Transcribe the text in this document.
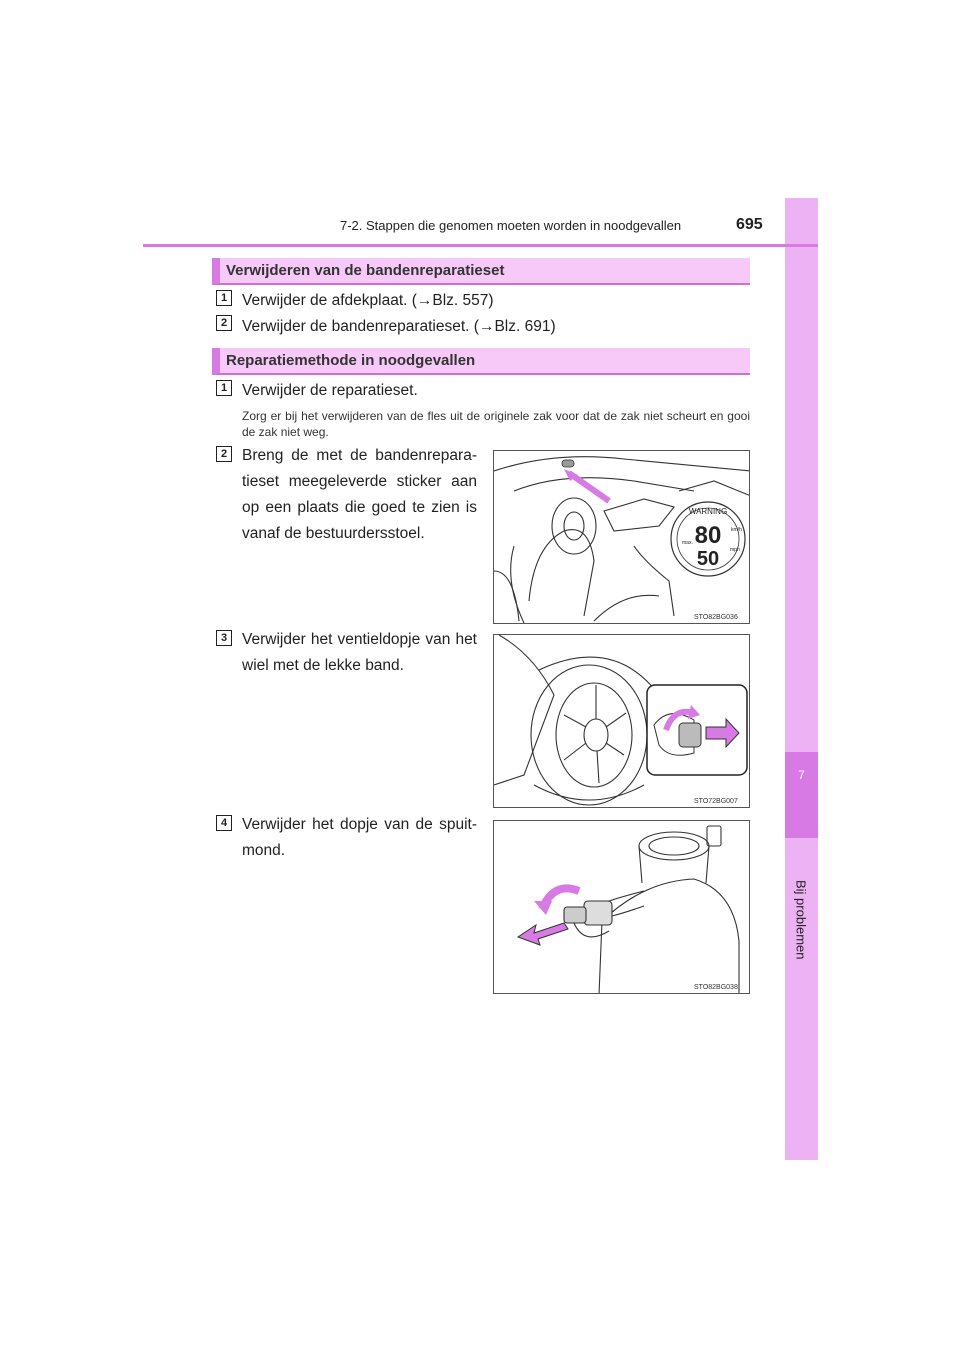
7
Bij problemen
7-2. Stappen die genomen moeten worden in noodgevallen	695
Verwijderen van de bandenreparatieset
1 Verwijder de afdekplaat. (→Blz. 557)
2 Verwijder de bandenreparatieset. (→Blz. 691)
Reparatiemethode in noodgevallen
1 Verwijder de reparatieset.
Zorg er bij het verwijderen van de fles uit de originele zak voor dat de zak niet scheurt en gooi de zak niet weg.
2 Breng de met de bandenrepara-tieset meegeleverde sticker aan op een plaats die goed te zien is vanaf de bestuurdersstoel.
WARNING
80
50
km/h
mph
max.
STO82BG036
3 Verwijder het ventieldopje van het wiel met de lekke band.
STO72BG007
4 Verwijder het dopje van de spuit-mond.
STO82BG038
